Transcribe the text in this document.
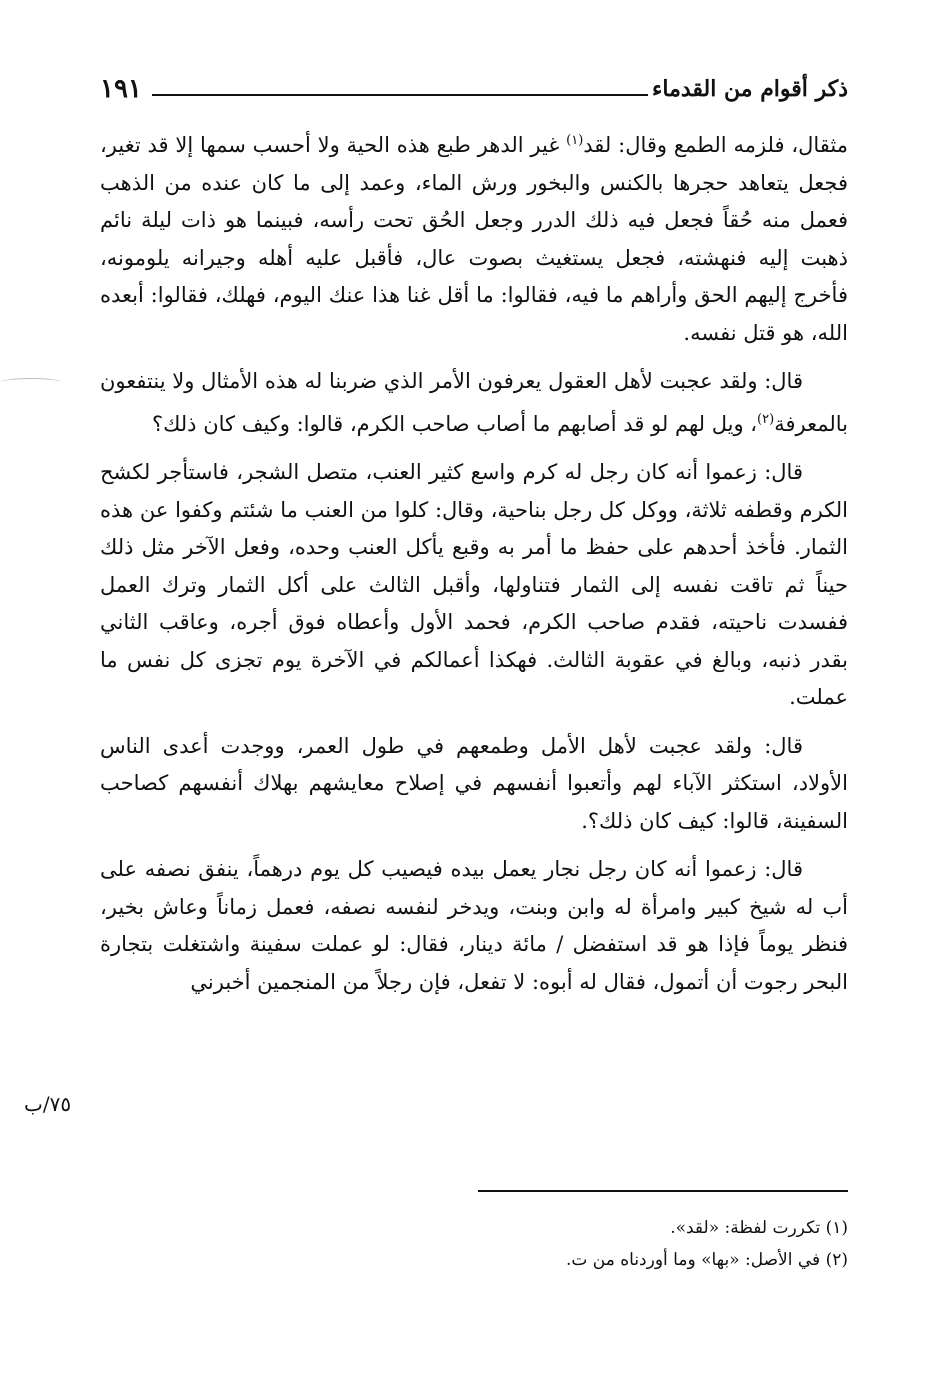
ذكر أقوام من القدماء
١٩١

مثقال، فلزمه الطمع وقال: لقد$^{(١)}$ غير الدهر طبع هذه الحية ولا أحسب سمها إلا قد تغير، فجعل يتعاهد حجرها بالكنس والبخور ورش الماء، وعمد إلى ما كان عنده من الذهب فعمل منه حُقاً فجعل فيه ذلك الدرر وجعل الحُق تحت رأسه، فبينما هو ذات ليلة نائم ذهبت إليه فنهشته، فجعل يستغيث بصوت عال، فأقبل عليه أهله وجيرانه يلومونه، فأخرج إليهم الحق وأراهم ما فيه، فقالوا: ما أقل غنا هذا عنك اليوم، فهلك، فقالوا: أبعده الله، هو قتل نفسه.

قال: ولقد عجبت لأهل العقول يعرفون الأمر الذي ضربنا له هذه الأمثال ولا ينتفعون بالمعرفة$^{(٢)}$، ويل لهم لو قد أصابهم ما أصاب صاحب الكرم، قالوا: وكيف كان ذلك؟

قال: زعموا أنه كان رجل له كرم واسع كثير العنب، متصل الشجر، فاستأجر لكشح الكرم وقطفه ثلاثة، ووكل كل رجل بناحية، وقال: كلوا من العنب ما شئتم وكفوا عن هذه الثمار. فأخذ أحدهم على حفظ ما أمر به وقبع يأكل العنب وحده، وفعل الآخر مثل ذلك حيناً ثم تاقت نفسه إلى الثمار فتناولها، وأقبل الثالث على أكل الثمار وترك العمل ففسدت ناحيته، فقدم صاحب الكرم، فحمد الأول وأعطاه فوق أجره، وعاقب الثاني بقدر ذنبه، وبالغ في عقوبة الثالث. فهكذا أعمالكم في الآخرة يوم تجزى كل نفس ما عملت.

قال: ولقد عجبت لأهل الأمل وطمعهم في طول العمر، ووجدت أعدى الناس الأولاد، استكثر الآباء لهم وأتعبوا أنفسهم في إصلاح معايشهم بهلاك أنفسهم كصاحب السفينة، قالوا: كيف كان ذلك؟.

قال: زعموا أنه كان رجل نجار يعمل بيده فيصيب كل يوم درهماً، ينفق نصفه على أب له شيخ كبير وامرأة له وابن وبنت، ويدخر لنفسه نصفه، فعمل زماناً وعاش بخير، فنظر يوماً فإذا هو قد استفضل / مائة دينار، فقال: لو عملت سفينة واشتغلت بتجارة البحر رجوت أن أتمول، فقال له أبوه: لا تفعل، فإن رجلاً من المنجمين أخبرني

٧٥/ب

(١) تكررت لفظة: «لقد».

(٢) في الأصل: «بها» وما أوردناه من ت.
